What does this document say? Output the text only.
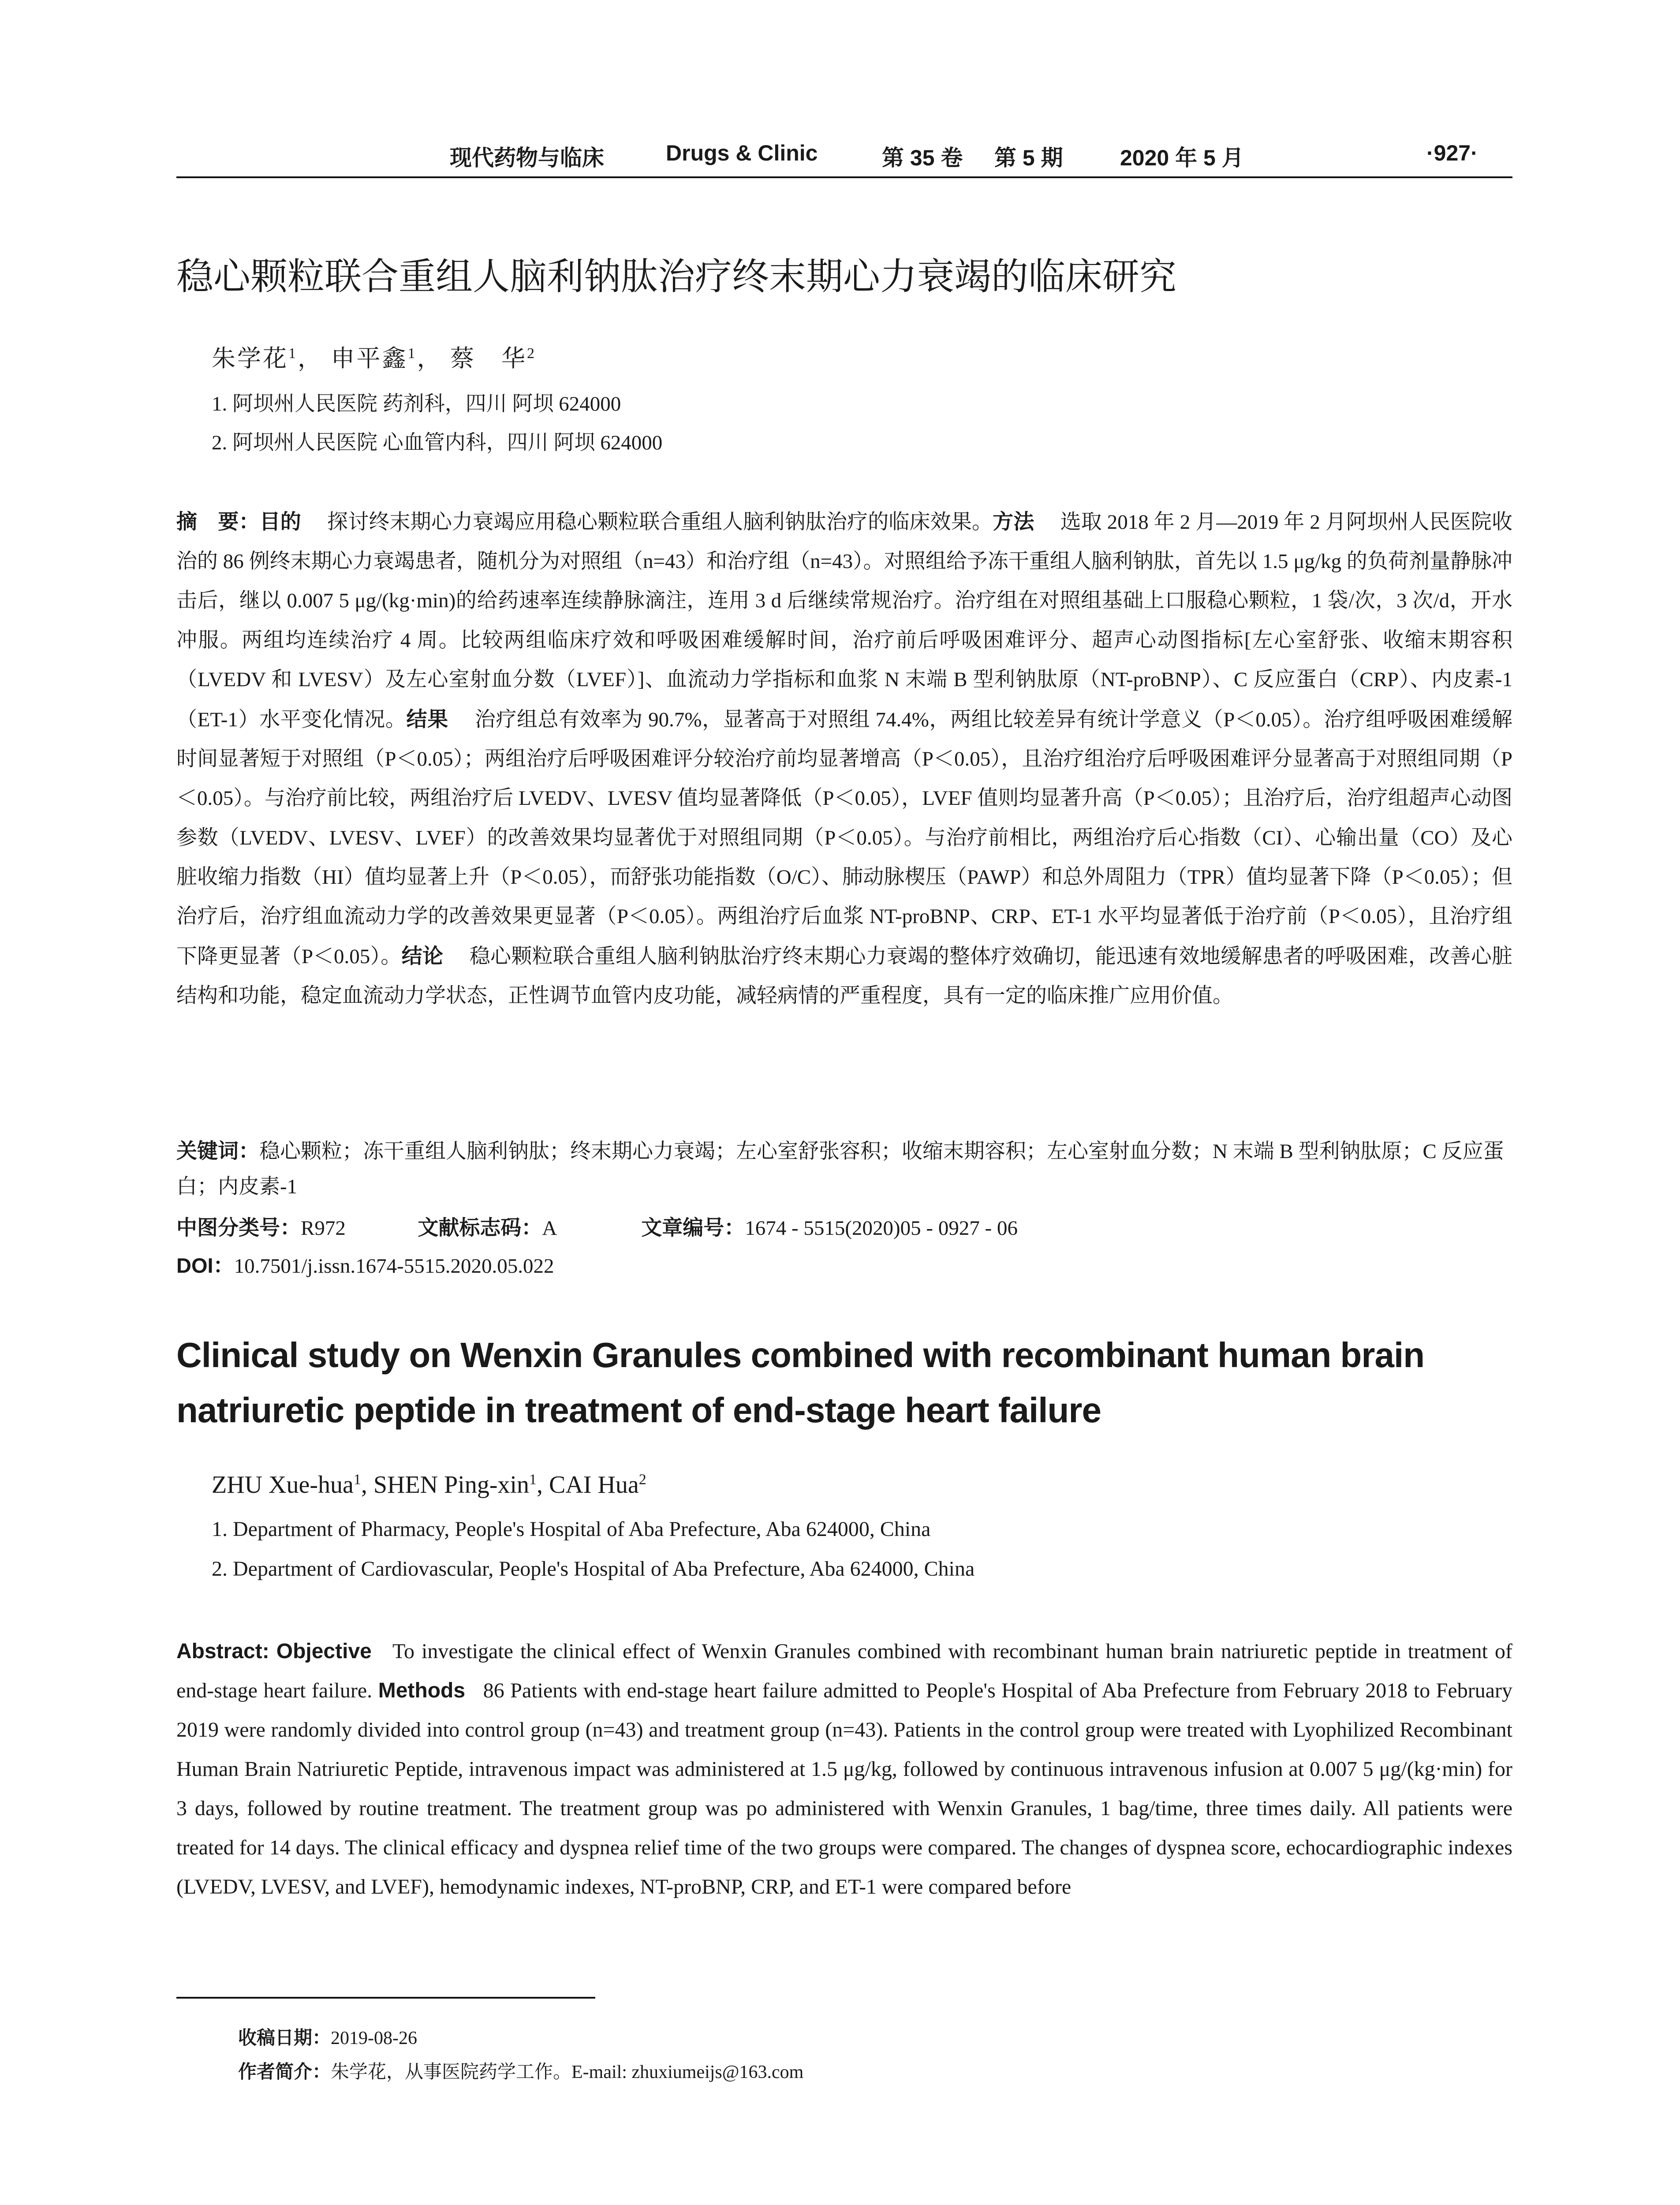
现代药物与临床	Drugs & Clinic	第 35 卷 第 5 期	2020 年 5 月	·927·
稳心颗粒联合重组人脑利钠肽治疗终末期心力衰竭的临床研究
朱学花$^1$， 申平鑫$^1$， 蔡　华$^2$
1. 阿坝州人民医院 药剂科，四川 阿坝 624000
2. 阿坝州人民医院 心血管内科，四川 阿坝 624000
摘　要：目的　 探讨终末期心力衰竭应用稳心颗粒联合重组人脑利钠肽治疗的临床效果。方法　 选取 2018 年 2 月—2019 年 2 月阿坝州人民医院收治的 86 例终末期心力衰竭患者，随机分为对照组（n=43）和治疗组（n=43）。对照组给予冻干重组人脑利钠肽，首先以 1.5 μg/kg 的负荷剂量静脉冲击后，继以 0.007 5 μg/(kg·min)的给药速率连续静脉滴注，连用 3 d 后继续常规治疗。治疗组在对照组基础上口服稳心颗粒，1 袋/次，3 次/d，开水冲服。两组均连续治疗 4 周。比较两组临床疗效和呼吸困难缓解时间，治疗前后呼吸困难评分、超声心动图指标[左心室舒张、收缩末期容积（LVEDV 和 LVESV）及左心室射血分数（LVEF）]、血流动力学指标和血浆 N 末端 B 型利钠肽原（NT-proBNP）、C 反应蛋白（CRP）、内皮素-1（ET-1）水平变化情况。结果　 治疗组总有效率为 90.7%，显著高于对照组 74.4%，两组比较差异有统计学意义（P＜0.05）。治疗组呼吸困难缓解时间显著短于对照组（P＜0.05）；两组治疗后呼吸困难评分较治疗前均显著增高（P＜0.05），且治疗组治疗后呼吸困难评分显著高于对照组同期（P＜0.05）。与治疗前比较，两组治疗后 LVEDV、LVESV 值均显著降低（P＜0.05），LVEF 值则均显著升高（P＜0.05）；且治疗后，治疗组超声心动图参数（LVEDV、LVESV、LVEF）的改善效果均显著优于对照组同期（P＜0.05）。与治疗前相比，两组治疗后心指数（CI）、心输出量（CO）及心脏收缩力指数（HI）值均显著上升（P＜0.05），而舒张功能指数（O/C）、肺动脉楔压（PAWP）和总外周阻力（TPR）值均显著下降（P＜0.05）；但治疗后，治疗组血流动力学的改善效果更显著（P＜0.05）。两组治疗后血浆 NT-proBNP、CRP、ET-1 水平均显著低于治疗前（P＜0.05），且治疗组下降更显著（P＜0.05）。结论　 稳心颗粒联合重组人脑利钠肽治疗终末期心力衰竭的整体疗效确切，能迅速有效地缓解患者的呼吸困难，改善心脏结构和功能，稳定血流动力学状态，正性调节血管内皮功能，减轻病情的严重程度，具有一定的临床推广应用价值。
关键词：稳心颗粒；冻干重组人脑利钠肽；终末期心力衰竭；左心室舒张容积；收缩末期容积；左心室射血分数；N 末端 B 型利钠肽原；C 反应蛋白；内皮素-1
中图分类号：R972	文献标志码：A	文章编号：1674 - 5515(2020)05 - 0927 - 06
DOI：10.7501/j.issn.1674-5515.2020.05.022
Clinical study on Wenxin Granules combined with recombinant human brain natriuretic peptide in treatment of end-stage heart failure
ZHU Xue-hua$^1$, SHEN Ping-xin$^1$, CAI Hua$^2$
1. Department of Pharmacy, People's Hospital of Aba Prefecture, Aba 624000, China
2. Department of Cardiovascular, People's Hospital of Aba Prefecture, Aba 624000, China
Abstract: Objective To investigate the clinical effect of Wenxin Granules combined with recombinant human brain natriuretic peptide in treatment of end-stage heart failure. Methods 86 Patients with end-stage heart failure admitted to People's Hospital of Aba Prefecture from February 2018 to February 2019 were randomly divided into control group (n=43) and treatment group (n=43). Patients in the control group were treated with Lyophilized Recombinant Human Brain Natriuretic Peptide, intravenous impact was administered at 1.5 μg/kg, followed by continuous intravenous infusion at 0.007 5 μg/(kg·min) for 3 days, followed by routine treatment. The treatment group was po administered with Wenxin Granules, 1 bag/time, three times daily. All patients were treated for 14 days. The clinical efficacy and dyspnea relief time of the two groups were compared. The changes of dyspnea score, echocardiographic indexes (LVEDV, LVESV, and LVEF), hemodynamic indexes, NT-proBNP, CRP, and ET-1 were compared before
收稿日期：2019-08-26
作者简介：朱学花，从事医院药学工作。E-mail: zhuxiumeijs@163.com
